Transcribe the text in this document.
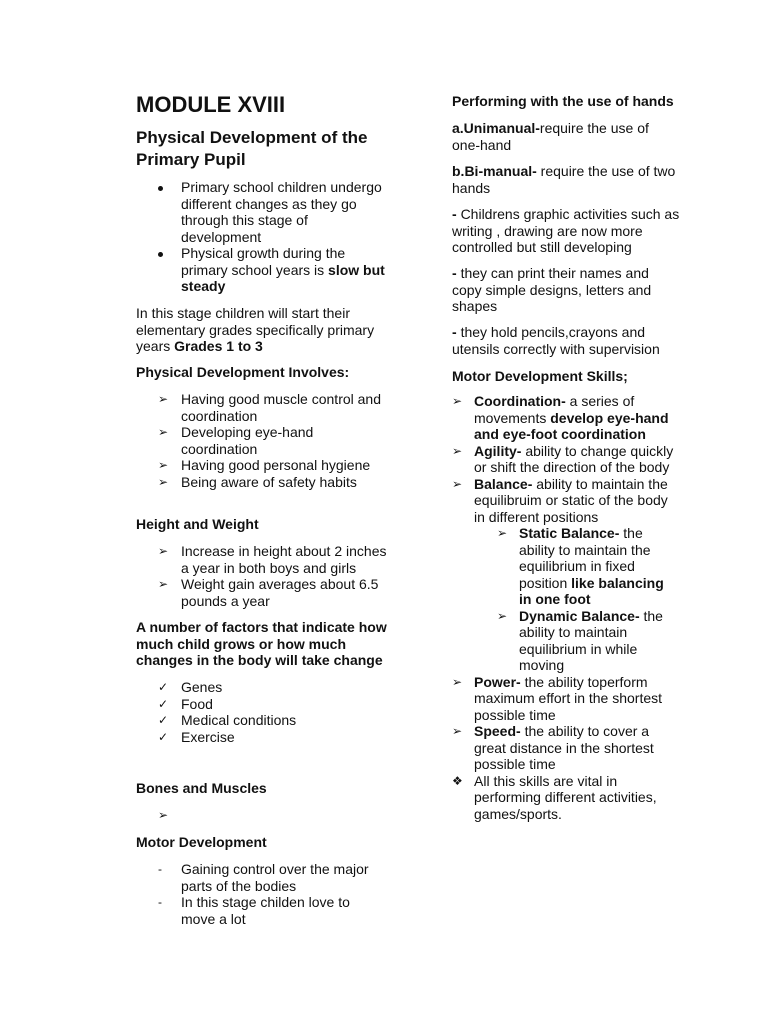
MODULE XVIII
Physical Development of the
Primary Pupil
Primary school children undergo
different changes as they go
through this stage of
development
Physical growth during the
primary school years is slow but
steady

In this stage children will start their
elementary grades specifically primary
years Grades 1 to 3

Physical Development Involves:

➢ Having good muscle control and
coordination
➢ Developing eye-hand
coordination
➢ Having good personal hygiene
➢ Being aware of safety habits

Height and Weight

➢ Increase in height about 2 inches
a year in both boys and girls
➢ Weight gain averages about 6.5
pounds a year

A number of factors that indicate how
much child grows or how much
changes in the body will take change

✓ Genes
✓ Food
✓ Medical conditions
✓ Exercise

Bones and Muscles

➢

Motor Development

- Gaining control over the major
parts of the bodies
- In this stage childen love to
move a lot

Performing with the use of hands

a.Unimanual-require the use of
one-hand

b.Bi-manual- require the use of two
hands

- Childrens graphic activities such as
writing , drawing are now more
controlled but still developing

- they can print their names and
copy simple designs, letters and
shapes

- they hold pencils,crayons and
utensils correctly with supervision

Motor Development Skills;

➢ Coordination- a series of
movements develop eye-hand
and eye-foot coordination
➢ Agility- ability to change quickly
or shift the direction of the body
➢ Balance- ability to maintain the
equilibruim or static of the body
in different positions
➢ Static Balance- the
ability to maintain the
equilibrium in fixed
position like balancing
in one foot
➢ Dynamic Balance- the
ability to maintain
equilibrium in while
moving
➢ Power- the ability toperform
maximum effort in the shortest
possible time
➢ Speed- the ability to cover a
great distance in the shortest
possible time
❖ All this skills are vital in
performing different activities,
games/sports.
